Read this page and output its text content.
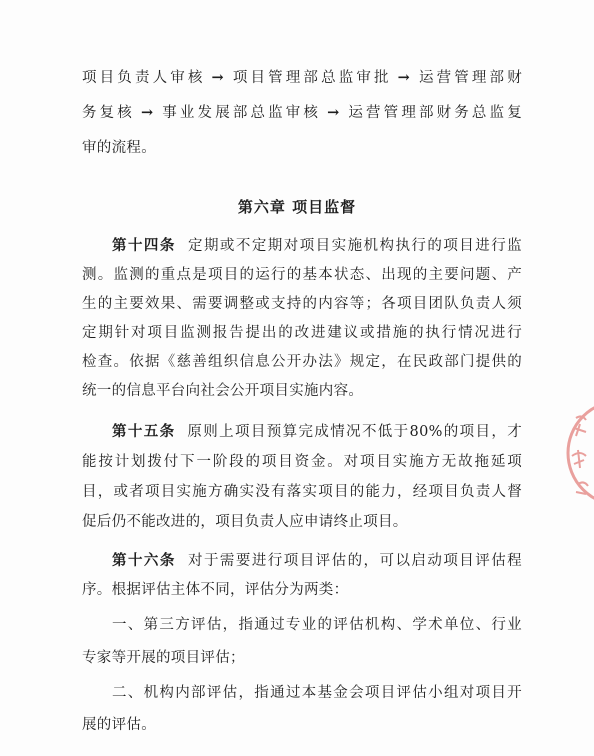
项目负责人审核 → 项目管理部总监审批 → 运营管理部财
务复核 → 事业发展部总监审核 → 运营管理部财务总监复
审的流程。
第六章 项目监督
第十四条 定期或不定期对项目实施机构执行的项目进行监
测。监测的重点是项目的运行的基本状态、出现的主要问题、产
生的主要效果、需要调整或支持的内容等；各项目团队负责人须
定期针对项目监测报告提出的改进建议或措施的执行情况进行
检查。依据《慈善组织信息公开办法》规定，在民政部门提供的
统一的信息平台向社会公开项目实施内容。
第十五条 原则上项目预算完成情况不低于80%的项目，才
能按计划拨付下一阶段的项目资金。对项目实施方无故拖延项
目，或者项目实施方确实没有落实项目的能力，经项目负责人督
促后仍不能改进的，项目负责人应申请终止项目。
第十六条 对于需要进行项目评估的，可以启动项目评估程
序。根据评估主体不同，评估分为两类：
一、第三方评估，指通过专业的评估机构、学术单位、行业
专家等开展的项目评估；
二、机构内部评估，指通过本基金会项目评估小组对项目开
展的评估。
